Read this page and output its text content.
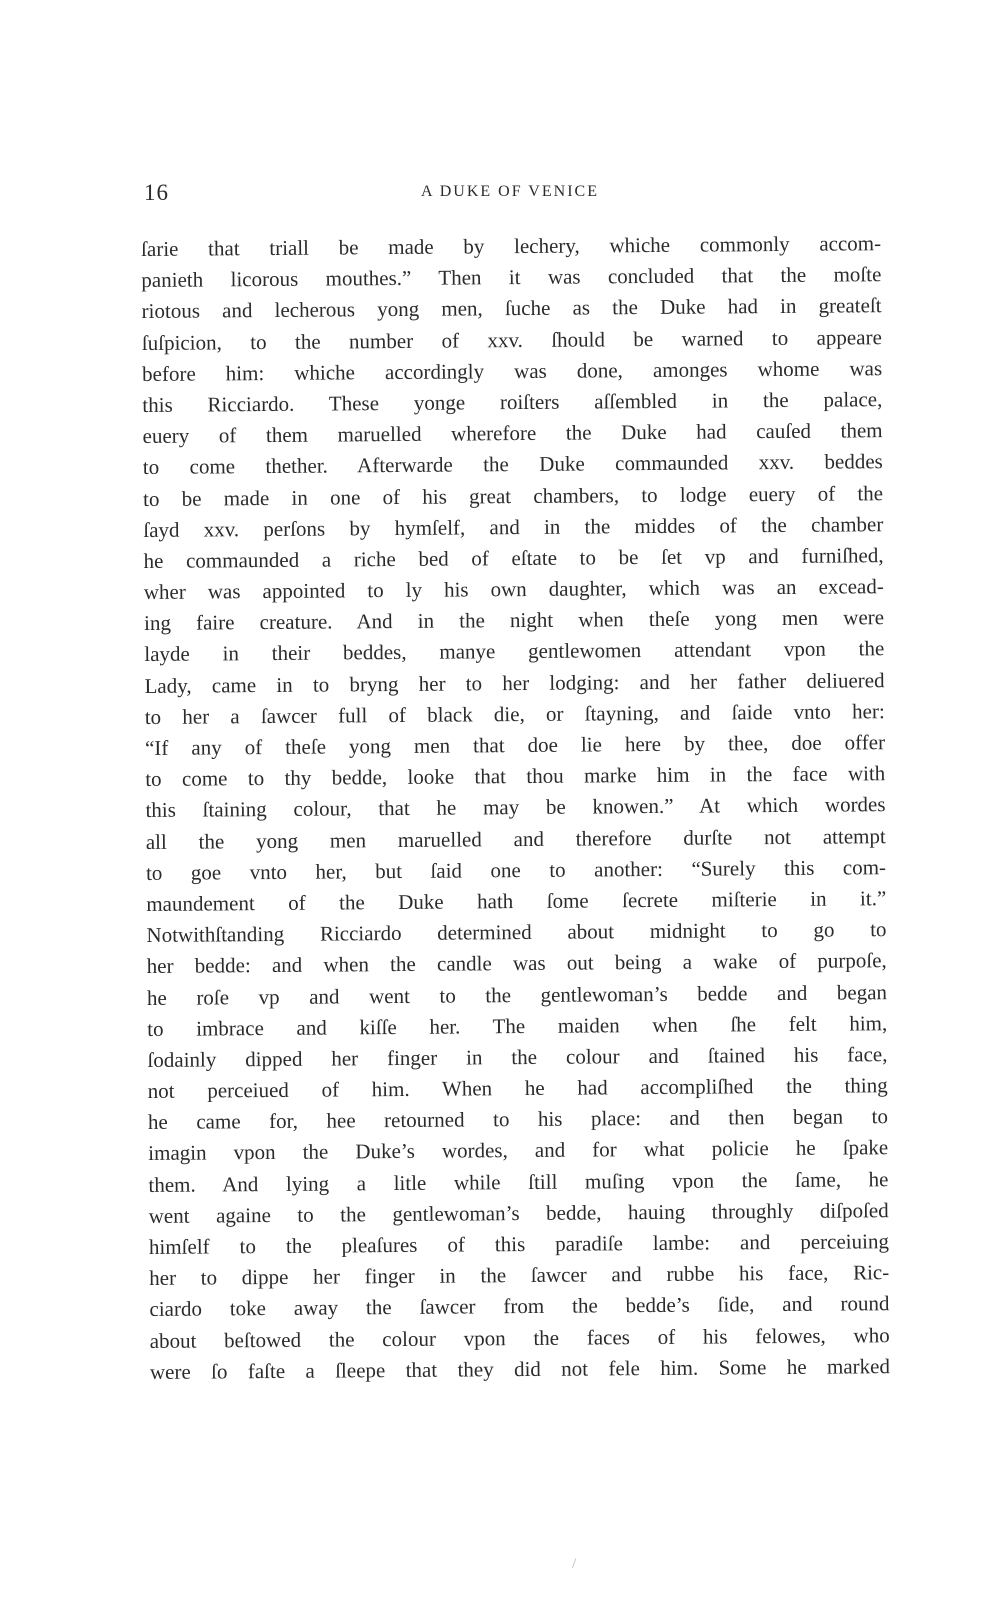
16	A DUKE OF VENICE
ſarie that triall be made by lechery, whiche commonly accom-
panieth licorous mouthes.” Then it was concluded that the moſte
riotous and lecherous yong men, ſuche as the Duke had in greateſt
ſuſpicion, to the number of xxv. ſhould be warned to appeare
before him: whiche accordingly was done, amonges whome was
this Ricciardo. These yonge roiſters aſſembled in the palace,
euery of them maruelled wherefore the Duke had cauſed them
to come thether. Afterwarde the Duke commaunded xxv. beddes
to be made in one of his great chambers, to lodge euery of the
ſayd xxv. perſons by hymſelf, and in the middes of the chamber
he commaunded a riche bed of eſtate to be ſet vp and furniſhed,
wher was appointed to ly his own daughter, which was an excead-
ing faire creature. And in the night when theſe yong men were
layde in their beddes, manye gentlewomen attendant vpon the
Lady, came in to bryng her to her lodging: and her father deliuered
to her a ſawcer full of black die, or ſtayning, and ſaide vnto her:
“If any of theſe yong men that doe lie here by thee, doe offer
to come to thy bedde, looke that thou marke him in the face with
this ſtaining colour, that he may be knowen.” At which wordes
all the yong men maruelled and therefore durſte not attempt
to goe vnto her, but ſaid one to another: “Surely this com-
maundement of the Duke hath ſome ſecrete miſterie in it.”
Notwithſtanding Ricciardo determined about midnight to go to
her bedde: and when the candle was out being a wake of purpoſe,
he roſe vp and went to the gentlewoman’s bedde and began
to imbrace and kiſſe her. The maiden when ſhe felt him,
ſodainly dipped her finger in the colour and ſtained his face,
not perceiued of him. When he had accompliſhed the thing
he came for, hee retourned to his place: and then began to
imagin vpon the Duke’s wordes, and for what policie he ſpake
them. And lying a litle while ſtill muſing vpon the ſame, he
went againe to the gentlewoman’s bedde, hauing throughly diſpoſed
himſelf to the pleaſures of this paradiſe lambe: and perceiuing
her to dippe her finger in the ſawcer and rubbe his face, Ric-
ciardo toke away the ſawcer from the bedde’s ſide, and round
about beſtowed the colour vpon the faces of his felowes, who
were ſo faſte a ſleepe that they did not fele him. Some he marked
/
